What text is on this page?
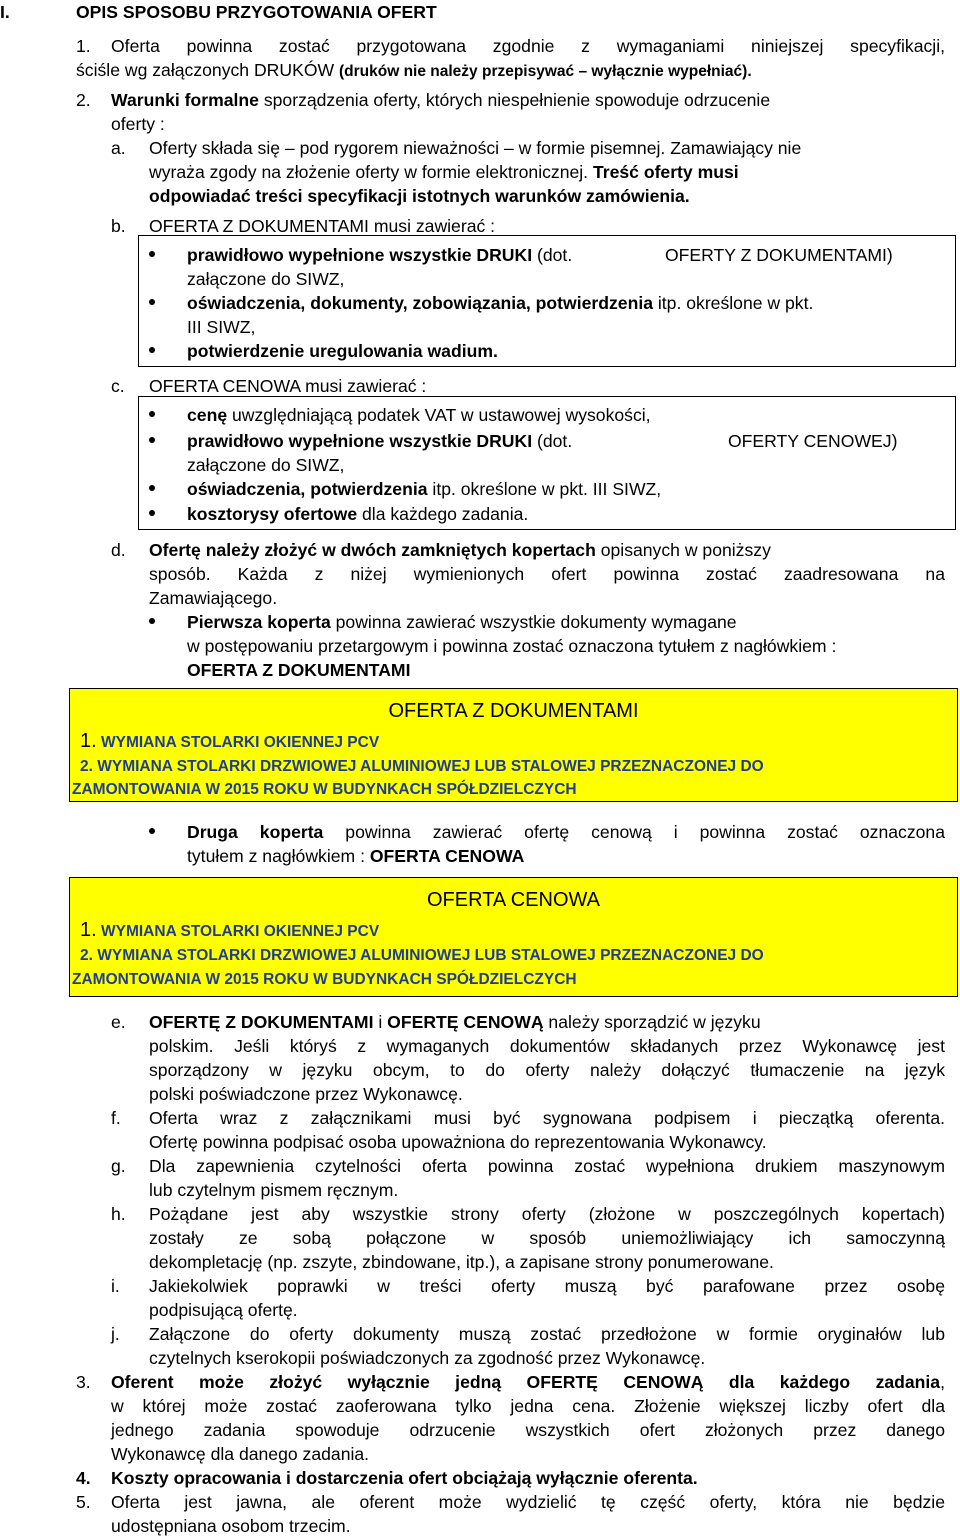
I.	OPIS SPOSOBU PRZYGOTOWANIA OFERT
1. Oferta powinna zostać przygotowana zgodnie z wymaganiami niniejszej specyfikacji,
ściśle wg załączonych DRUKÓW (druków nie należy przepisywać – wyłącznie wypełniać).
2. Warunki formalne sporządzenia oferty, których niespełnienie spowoduje odrzucenie
oferty :
a. Oferty składa się – pod rygorem nieważności – w formie pisemnej. Zamawiający nie
wyraża zgody na złożenie oferty w formie elektronicznej. Treść oferty musi
odpowiadać treści specyfikacji istotnych warunków zamówienia.
b. OFERTA Z DOKUMENTAMI musi zawierać :
prawidłowo wypełnione wszystkie DRUKI (dot.	OFERTY Z DOKUMENTAMI)
załączone do SIWZ,
oświadczenia, dokumenty, zobowiązania, potwierdzenia itp. określone w pkt.
III SIWZ,
potwierdzenie uregulowania wadium.
c. OFERTA CENOWA musi zawierać :
cenę uwzględniającą podatek VAT w ustawowej wysokości,
prawidłowo wypełnione wszystkie DRUKI (dot.	OFERTY CENOWEJ)
załączone do SIWZ,
oświadczenia, potwierdzenia itp. określone w pkt. III SIWZ,
kosztorysy ofertowe dla każdego zadania.
d. Ofertę należy złożyć w dwóch zamkniętych kopertach opisanych w poniższy
sposób. Każda z niżej wymienionych ofert powinna zostać zaadresowana na
Zamawiającego.
Pierwsza koperta powinna zawierać wszystkie dokumenty wymagane
w postępowaniu przetargowym i powinna zostać oznaczona tytułem z nagłówkiem :
OFERTA Z DOKUMENTAMI
OFERTA Z DOKUMENTAMI
1. WYMIANA STOLARKI OKIENNEJ PCV
2. WYMIANA STOLARKI DRZWIOWEJ ALUMINIOWEJ LUB STALOWEJ PRZEZNACZONEJ DO
ZAMONTOWANIA W 2015 ROKU W BUDYNKACH SPÓŁDZIELCZYCH
Druga koperta powinna zawierać ofertę cenową i powinna zostać oznaczona
tytułem z nagłówkiem : OFERTA CENOWA
OFERTA CENOWA
1. WYMIANA STOLARKI OKIENNEJ PCV
2. WYMIANA STOLARKI DRZWIOWEJ ALUMINIOWEJ LUB STALOWEJ PRZEZNACZONEJ DO
ZAMONTOWANIA W 2015 ROKU W BUDYNKACH SPÓŁDZIELCZYCH
e. OFERTĘ Z DOKUMENTAMI i OFERTĘ CENOWĄ należy sporządzić w języku
polskim. Jeśli któryś z wymaganych dokumentów składanych przez Wykonawcę jest
sporządzony w języku obcym, to do oferty należy dołączyć tłumaczenie na język
polski poświadczone przez Wykonawcę.
f. Oferta wraz z załącznikami musi być sygnowana podpisem i pieczątką oferenta.
Ofertę powinna podpisać osoba upoważniona do reprezentowania Wykonawcy.
g. Dla zapewnienia czytelności oferta powinna zostać wypełniona drukiem maszynowym
lub czytelnym pismem ręcznym.
h. Pożądane jest aby wszystkie strony oferty (złożone w poszczególnych kopertach)
zostały ze sobą połączone w sposób uniemożliwiający ich samoczynną
dekompletację (np. zszyte, zbindowane, itp.), a zapisane strony ponumerowane.
i. Jakiekolwiek poprawki w treści oferty muszą być parafowane przez osobę
podpisującą ofertę.
j. Załączone do oferty dokumenty muszą zostać przedłożone w formie oryginałów lub
czytelnych kserokopii poświadczonych za zgodność przez Wykonawcę.
3. Oferent może złożyć wyłącznie jedną OFERTĘ CENOWĄ dla każdego zadania,
w której może zostać zaoferowana tylko jedna cena. Złożenie większej liczby ofert dla
jednego zadania spowoduje odrzucenie wszystkich ofert złożonych przez danego
Wykonawcę dla danego zadania.
4. Koszty opracowania i dostarczenia ofert obciążają wyłącznie oferenta.
5. Oferta jest jawna, ale oferent może wydzielić tę część oferty, która nie będzie
udostępniana osobom trzecim.
